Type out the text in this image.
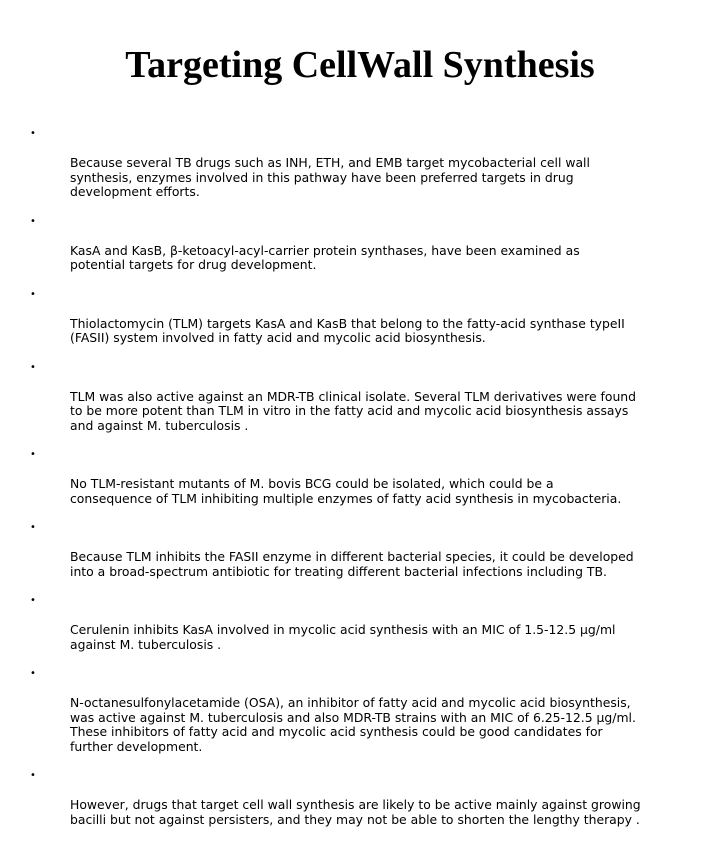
Targeting CellWall Synthesis

•

Because several TB drugs such as INH, ETH, and EMB target mycobacterial cell wall
synthesis, enzymes involved in this pathway have been preferred targets in drug
development efforts.

•

KasA and KasB, β-ketoacyl-acyl-carrier protein synthases, have been examined as
potential targets for drug development.

•

Thiolactomycin (TLM) targets KasA and KasB that belong to the fatty-acid synthase typeII
(FASII) system involved in fatty acid and mycolic acid biosynthesis.

•

TLM was also active against an MDR-TB clinical isolate. Several TLM derivatives were found
to be more potent than TLM in vitro in the fatty acid and mycolic acid biosynthesis assays
and against M. tuberculosis .

•

No TLM-resistant mutants of M. bovis BCG could be isolated, which could be a
consequence of TLM inhibiting multiple enzymes of fatty acid synthesis in mycobacteria.

•

Because TLM inhibits the FASII enzyme in different bacterial species, it could be developed
into a broad-spectrum antibiotic for treating different bacterial infections including TB.

•

Cerulenin inhibits KasA involved in mycolic acid synthesis with an MIC of 1.5-12.5 μg/ml
against M. tuberculosis .

•

N-octanesulfonylacetamide (OSA), an inhibitor of fatty acid and mycolic acid biosynthesis,
was active against M. tuberculosis and also MDR-TB strains with an MIC of 6.25-12.5 μg/ml.
These inhibitors of fatty acid and mycolic acid synthesis could be good candidates for
further development.

•

However, drugs that target cell wall synthesis are likely to be active mainly against growing
bacilli but not against persisters, and they may not be able to shorten the lengthy therapy .
